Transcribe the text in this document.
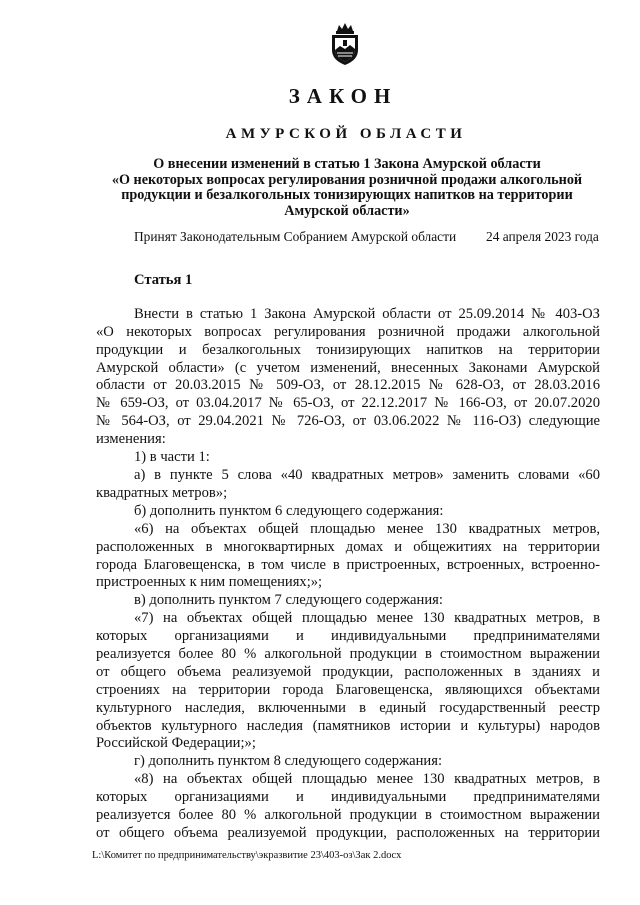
ЗАКОН
АМУРСКОЙ ОБЛАСТИ
О внесении изменений в статью 1 Закона Амурской области
«О некоторых вопросах регулирования розничной продажи алкогольной
продукции и безалкогольных тонизирующих напитков на территории
Амурской области»
Принят Законодательным Собранием Амурской области 24 апреля 2023 года
Статья 1
Внести в статью 1 Закона Амурской области от 25.09.2014 № 403-ОЗ
«О некоторых вопросах регулирования розничной продажи алкогольной
продукции и безалкогольных тонизирующих напитков на территории
Амурской области» (с учетом изменений, внесенных Законами Амурской
области от 20.03.2015 № 509-ОЗ, от 28.12.2015 № 628-ОЗ, от 28.03.2016
№ 659-ОЗ, от 03.04.2017 № 65-ОЗ, от 22.12.2017 № 166-ОЗ, от 20.07.2020
№ 564-ОЗ, от 29.04.2021 № 726-ОЗ, от 03.06.2022 № 116-ОЗ) следующие
изменения:
1) в части 1:
а) в пункте 5 слова «40 квадратных метров» заменить словами «60
квадратных метров»;
б) дополнить пунктом 6 следующего содержания:
«6) на объектах общей площадью менее 130 квадратных метров,
расположенных в многоквартирных домах и общежитиях на территории
города Благовещенска, в том числе в пристроенных, встроенных, встроенно-
пристроенных к ним помещениях;»;
в) дополнить пунктом 7 следующего содержания:
«7) на объектах общей площадью менее 130 квадратных метров, в
которых организациями и индивидуальными предпринимателями
реализуется более 80 % алкогольной продукции в стоимостном выражении
от общего объема реализуемой продукции, расположенных в зданиях и
строениях на территории города Благовещенска, являющихся объектами
культурного наследия, включенными в единый государственный реестр
объектов культурного наследия (памятников истории и культуры) народов
Российской Федерации;»;
г) дополнить пунктом 8 следующего содержания:
«8) на объектах общей площадью менее 130 квадратных метров, в
которых организациями и индивидуальными предпринимателями
реализуется более 80 % алкогольной продукции в стоимостном выражении
от общего объема реализуемой продукции, расположенных на территории
L:\Комитет по предпринимательству\экразвитие 23\403-оз\Зак 2.docx
